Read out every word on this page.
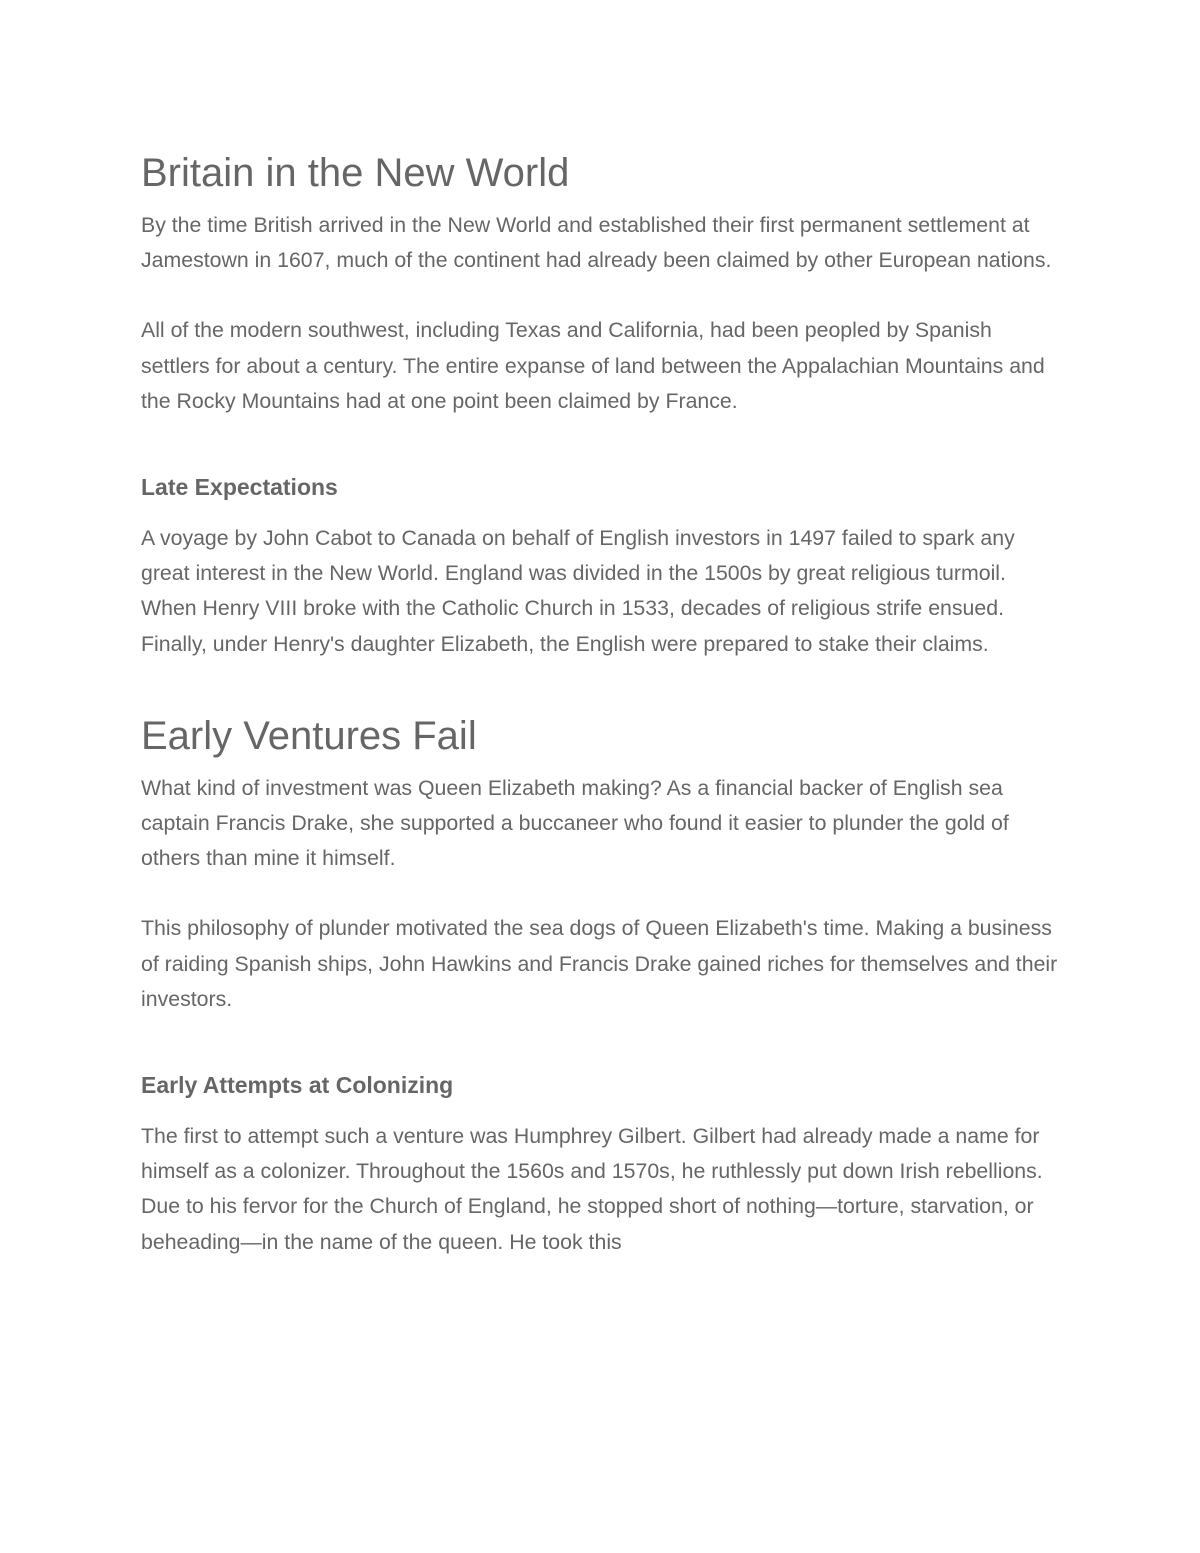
Britain in the New World

By the time British arrived in the New World and established their first permanent settlement at Jamestown in 1607, much of the continent had already been claimed by other European nations.

All of the modern southwest, including Texas and California, had been peopled by Spanish settlers for about a century. The entire expanse of land between the Appalachian Mountains and the Rocky Mountains had at one point been claimed by France.

Late Expectations

A voyage by John Cabot to Canada on behalf of English investors in 1497 failed to spark any great interest in the New World. England was divided in the 1500s by great religious turmoil. When Henry VIII broke with the Catholic Church in 1533, decades of religious strife ensued. Finally, under Henry's daughter Elizabeth, the English were prepared to stake their claims.

Early Ventures Fail

What kind of investment was Queen Elizabeth making? As a financial backer of English sea captain Francis Drake, she supported a buccaneer who found it easier to plunder the gold of others than mine it himself.

This philosophy of plunder motivated the sea dogs of Queen Elizabeth's time. Making a business of raiding Spanish ships, John Hawkins and Francis Drake gained riches for themselves and their investors.

Early Attempts at Colonizing

The first to attempt such a venture was Humphrey Gilbert. Gilbert had already made a name for himself as a colonizer. Throughout the 1560s and 1570s, he ruthlessly put down Irish rebellions. Due to his fervor for the Church of England, he stopped short of nothing—torture, starvation, or beheading—in the name of the queen. He took this
